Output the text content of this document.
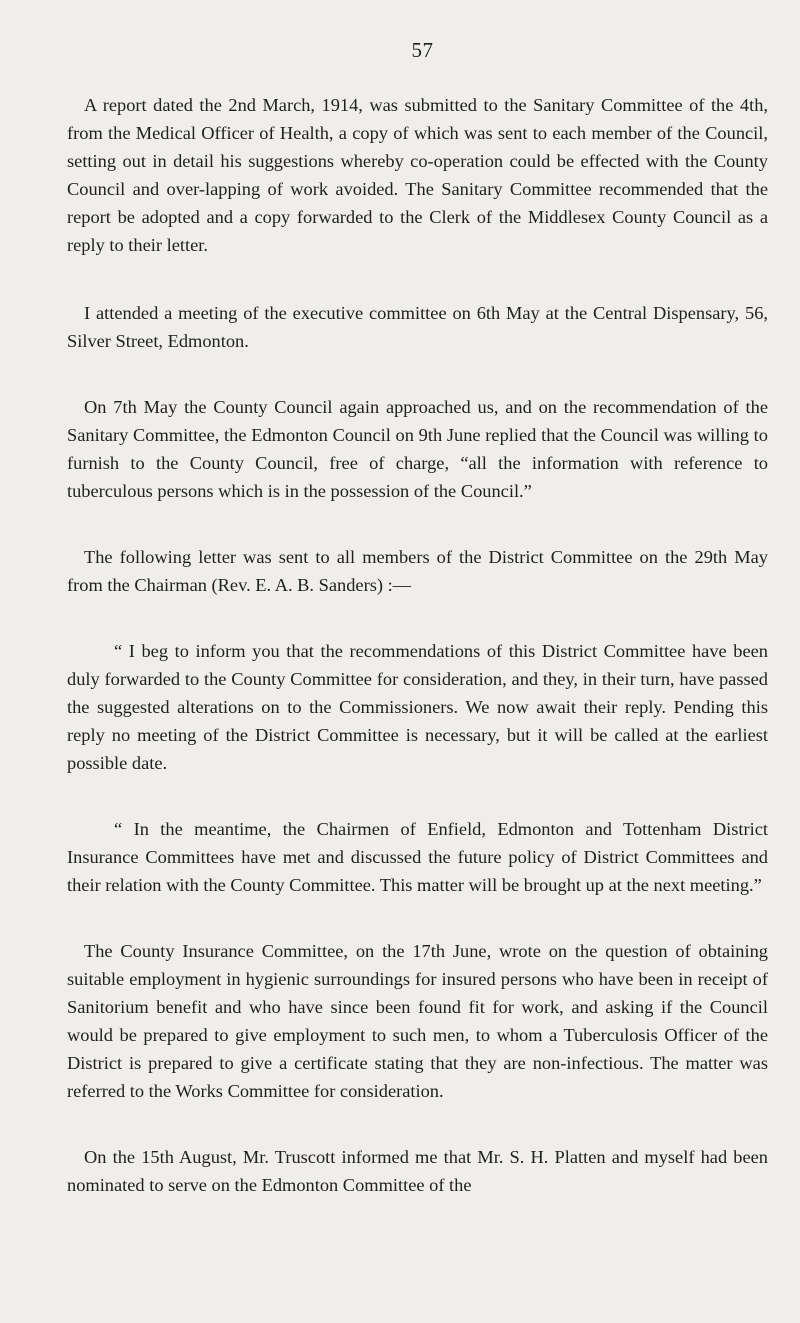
57

A report dated the 2nd March, 1914, was submitted to the Sanitary Committee of the 4th, from the Medical Officer of Health, a copy of which was sent to each member of the Council, setting out in detail his suggestions whereby co-operation could be effected with the County Council and over-lapping of work avoided. The Sanitary Committee recommended that the report be adopted and a copy forwarded to the Clerk of the Middlesex County Council as a reply to their letter.

I attended a meeting of the executive committee on 6th May at the Central Dispensary, 56, Silver Street, Edmonton.

On 7th May the County Council again approached us, and on the recommendation of the Sanitary Committee, the Edmonton Council on 9th June replied that the Council was willing to furnish to the County Council, free of charge, “all the information with reference to tuberculous persons which is in the possession of the Council.”

The following letter was sent to all members of the District Committee on the 29th May from the Chairman (Rev. E. A. B. Sanders) :—

“ I beg to inform you that the recommendations of this District Committee have been duly forwarded to the County Committee for consideration, and they, in their turn, have passed the suggested alterations on to the Commissioners. We now await their reply. Pending this reply no meeting of the District Committee is necessary, but it will be called at the earliest possible date.

“ In the meantime, the Chairmen of Enfield, Edmonton and Tottenham District Insurance Committees have met and discussed the future policy of District Committees and their relation with the County Committee. This matter will be brought up at the next meeting.”

The County Insurance Committee, on the 17th June, wrote on the question of obtaining suitable employment in hygienic surroundings for insured persons who have been in receipt of Sanitorium benefit and who have since been found fit for work, and asking if the Council would be prepared to give employment to such men, to whom a Tuberculosis Officer of the District is prepared to give a certificate stating that they are non-infectious. The matter was referred to the Works Committee for consideration.

On the 15th August, Mr. Truscott informed me that Mr. S. H. Platten and myself had been nominated to serve on the Edmonton Committee of the
